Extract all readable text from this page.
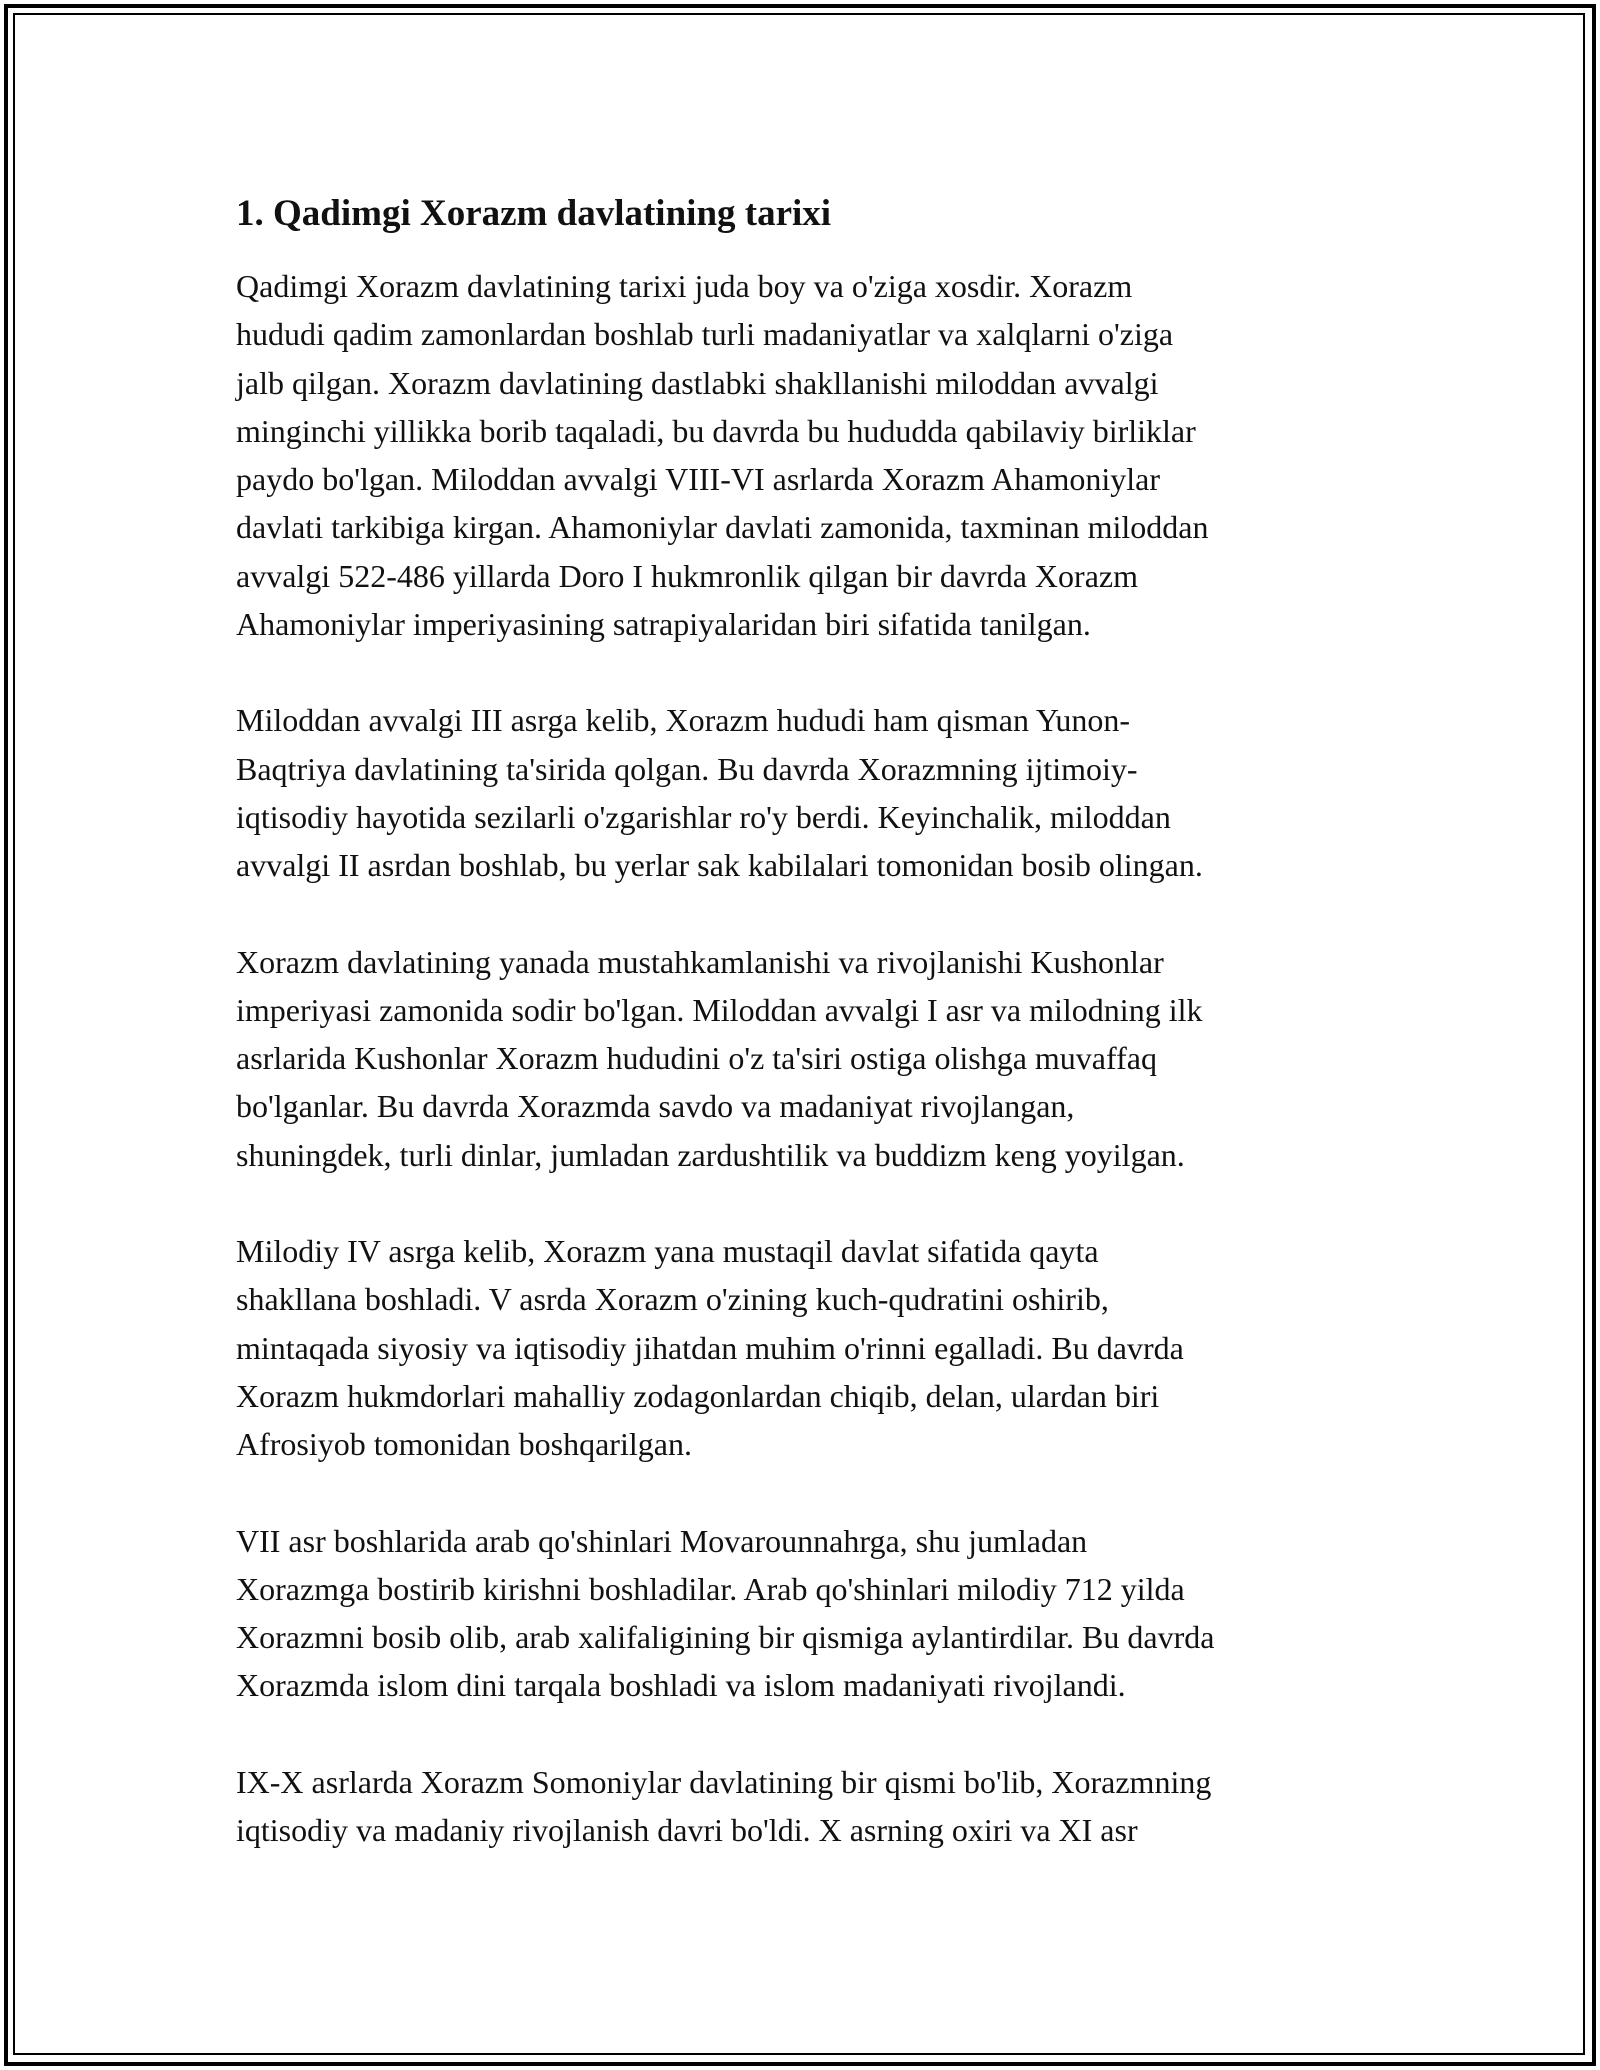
1. Qadimgi Xorazm davlatining tarixi

Qadimgi Xorazm davlatining tarixi juda boy va o'ziga xosdir. Xorazm
hududi qadim zamonlardan boshlab turli madaniyatlar va xalqlarni o'ziga
jalb qilgan. Xorazm davlatining dastlabki shakllanishi miloddan avvalgi
minginchi yillikka borib taqaladi, bu davrda bu hududda qabilaviy birliklar
paydo bo'lgan. Miloddan avvalgi VIII-VI asrlarda Xorazm Ahamoniylar
davlati tarkibiga kirgan. Ahamoniylar davlati zamonida, taxminan miloddan
avvalgi 522-486 yillarda Doro I hukmronlik qilgan bir davrda Xorazm
Ahamoniylar imperiyasining satrapiyalaridan biri sifatida tanilgan.

Miloddan avvalgi III asrga kelib, Xorazm hududi ham qisman Yunon-
Baqtriya davlatining ta'sirida qolgan. Bu davrda Xorazmning ijtimoiy-
iqtisodiy hayotida sezilarli o'zgarishlar ro'y berdi. Keyinchalik, miloddan
avvalgi II asrdan boshlab, bu yerlar sak kabilalari tomonidan bosib olingan.

Xorazm davlatining yanada mustahkamlanishi va rivojlanishi Kushonlar
imperiyasi zamonida sodir bo'lgan. Miloddan avvalgi I asr va milodning ilk
asrlarida Kushonlar Xorazm hududini o'z ta'siri ostiga olishga muvaffaq
bo'lganlar. Bu davrda Xorazmda savdo va madaniyat rivojlangan,
shuningdek, turli dinlar, jumladan zardushtilik va buddizm keng yoyilgan.

Milodiy IV asrga kelib, Xorazm yana mustaqil davlat sifatida qayta
shakllana boshladi. V asrda Xorazm o'zining kuch-qudratini oshirib,
mintaqada siyosiy va iqtisodiy jihatdan muhim o'rinni egalladi. Bu davrda
Xorazm hukmdorlari mahalliy zodagonlardan chiqib, delan, ulardan biri
Afrosiyob tomonidan boshqarilgan.

VII asr boshlarida arab qo'shinlari Movarounnahrga, shu jumladan
Xorazmga bostirib kirishni boshladilar. Arab qo'shinlari milodiy 712 yilda
Xorazmni bosib olib, arab xalifaligining bir qismiga aylantirdilar. Bu davrda
Xorazmda islom dini tarqala boshladi va islom madaniyati rivojlandi.

IX-X asrlarda Xorazm Somoniylar davlatining bir qismi bo'lib, Xorazmning
iqtisodiy va madaniy rivojlanish davri bo'ldi. X asrning oxiri va XI asr
